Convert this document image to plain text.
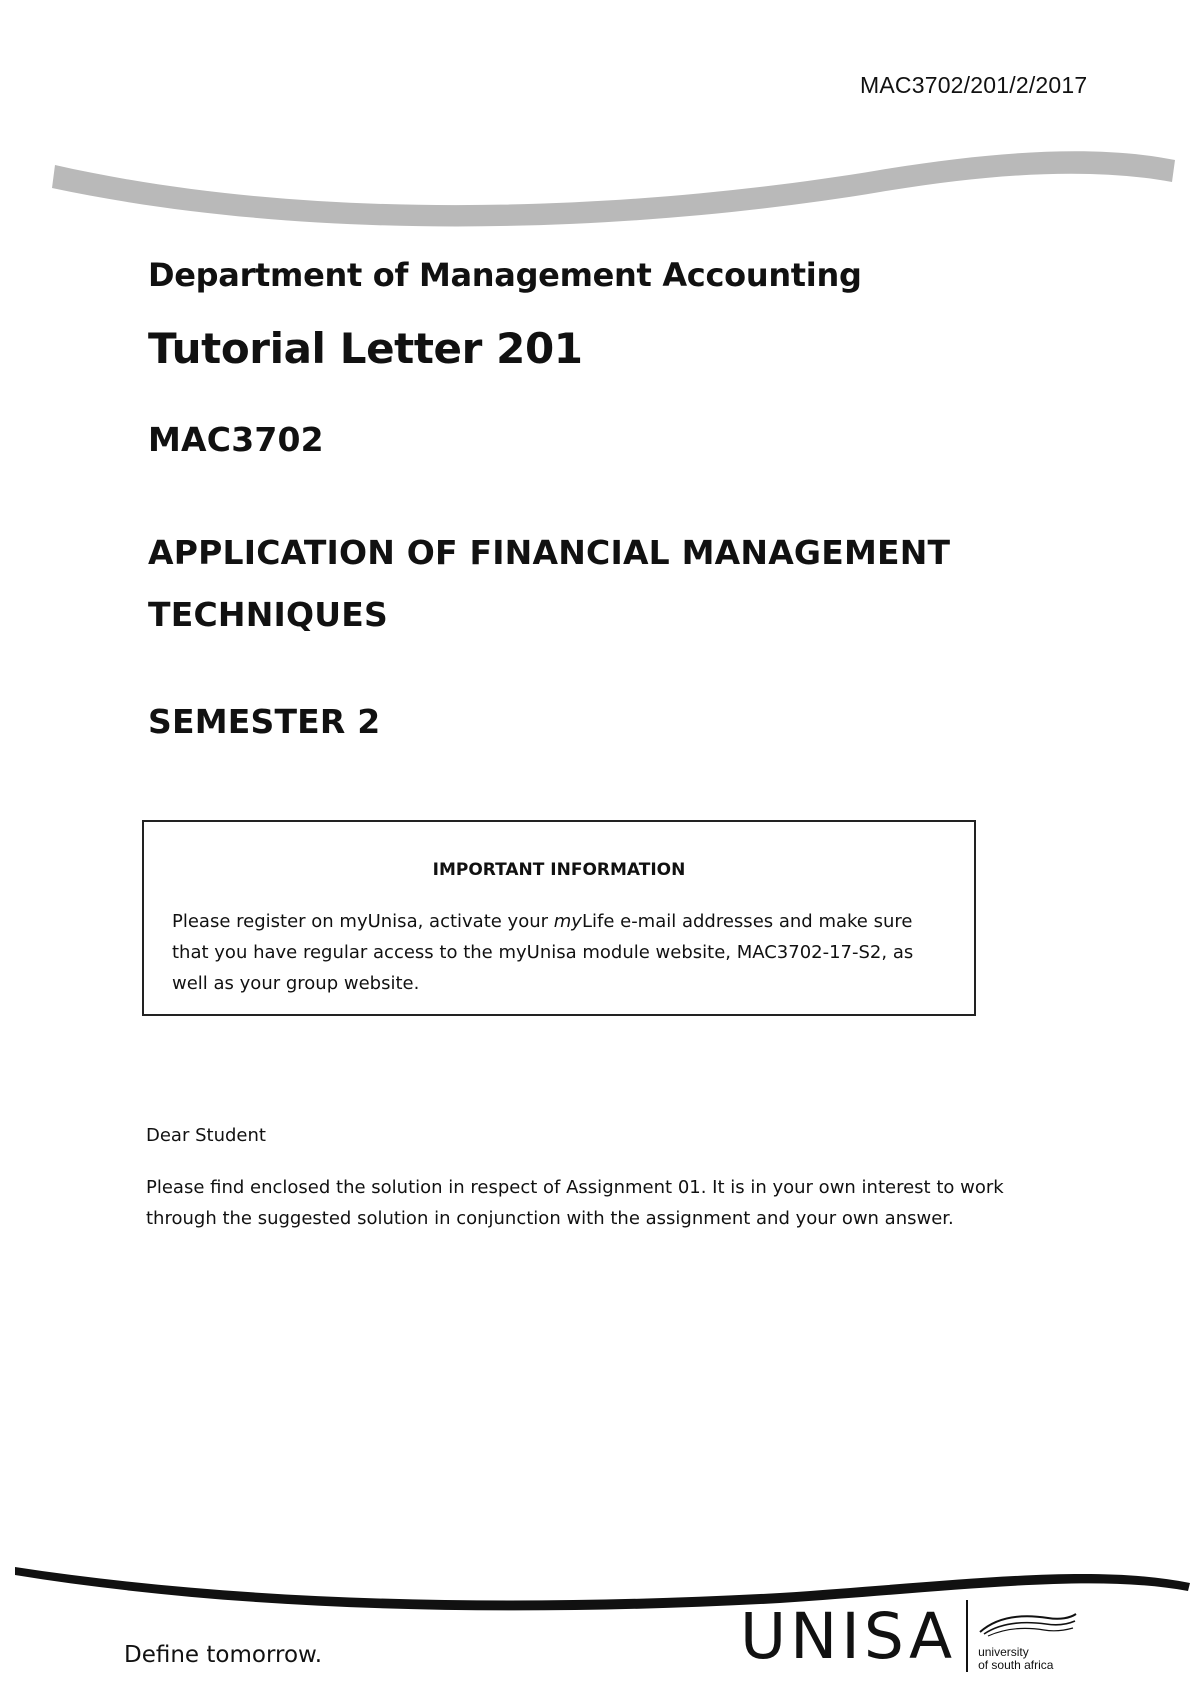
MAC3702/201/2/2017
Department of Management Accounting
Tutorial Letter 201
MAC3702
APPLICATION OF FINANCIAL MANAGEMENT
TECHNIQUES
SEMESTER 2
IMPORTANT INFORMATION
Please register on myUnisa, activate your myLife e-mail addresses and make sure that you have regular access to the myUnisa module website, MAC3702-17-S2, as well as your group website.
Dear Student
Please find enclosed the solution in respect of Assignment 01. It is in your own interest to work through the suggested solution in conjunction with the assignment and your own answer.
Define tomorrow.	UNISA university
of south africa
